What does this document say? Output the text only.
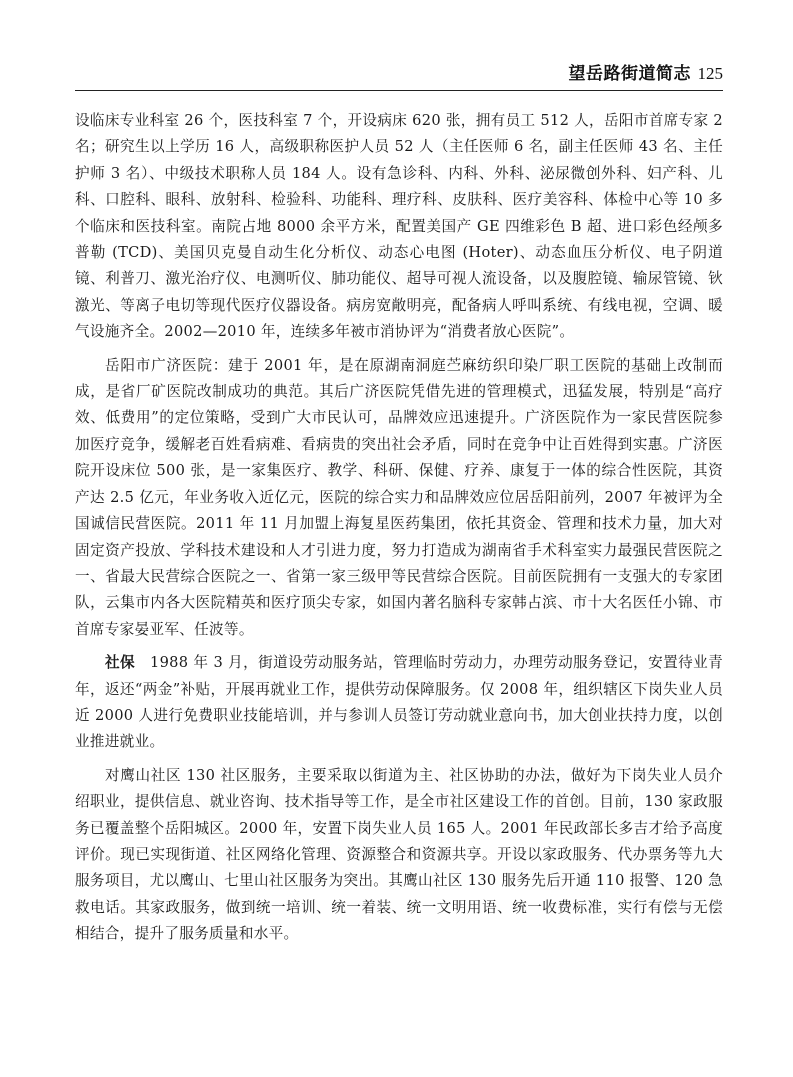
望岳路街道简志 125

设临床专业科室 26 个，医技科室 7 个，开设病床 620 张，拥有员工 512 人，岳阳市首席专家 2 名；研究生以上学历 16 人，高级职称医护人员 52 人（主任医师 6 名，副主任医师 43 名、主任护师 3 名）、中级技术职称人员 184 人。设有急诊科、内科、外科、泌尿微创外科、妇产科、儿科、口腔科、眼科、放射科、检验科、功能科、理疗科、皮肤科、医疗美容科、体检中心等 10 多个临床和医技科室。南院占地 8000 余平方米，配置美国产 GE 四维彩色 B 超、进口彩色经颅多普勒 (TCD)、美国贝克曼自动生化分析仪、动态心电图 (Hoter)、动态血压分析仪、电子阴道镜、利普刀、激光治疗仪、电测听仪、肺功能仪、超导可视人流设备，以及腹腔镜、输尿管镜、钬激光、等离子电切等现代医疗仪器设备。病房宽敞明亮，配备病人呼叫系统、有线电视，空调、暖气设施齐全。2002—2010 年，连续多年被市消协评为“消费者放心医院”。

岳阳市广济医院：建于 2001 年，是在原湖南洞庭苎麻纺织印染厂职工医院的基础上改制而成，是省厂矿医院改制成功的典范。其后广济医院凭借先进的管理模式，迅猛发展，特别是“高疗效、低费用”的定位策略，受到广大市民认可，品牌效应迅速提升。广济医院作为一家民营医院参加医疗竞争，缓解老百姓看病难、看病贵的突出社会矛盾，同时在竞争中让百姓得到实惠。广济医院开设床位 500 张，是一家集医疗、教学、科研、保健、疗养、康复于一体的综合性医院，其资产达 2.5 亿元，年业务收入近亿元，医院的综合实力和品牌效应位居岳阳前列，2007 年被评为全国诚信民营医院。2011 年 11 月加盟上海复星医药集团，依托其资金、管理和技术力量，加大对固定资产投放、学科技术建设和人才引进力度，努力打造成为湖南省手术科室实力最强民营医院之一、省最大民营综合医院之一、省第一家三级甲等民营综合医院。目前医院拥有一支强大的专家团队，云集市内各大医院精英和医疗顶尖专家，如国内著名脑科专家韩占滨、市十大名医任小锦、市首席专家晏亚军、任波等。

社保　1988 年 3 月，街道设劳动服务站，管理临时劳动力，办理劳动服务登记，安置待业青年，返还“两金”补贴，开展再就业工作，提供劳动保障服务。仅 2008 年，组织辖区下岗失业人员近 2000 人进行免费职业技能培训，并与参训人员签订劳动就业意向书，加大创业扶持力度，以创业推进就业。

对鹰山社区 130 社区服务，主要采取以街道为主、社区协助的办法，做好为下岗失业人员介绍职业，提供信息、就业咨询、技术指导等工作，是全市社区建设工作的首创。目前，130 家政服务已覆盖整个岳阳城区。2000 年，安置下岗失业人员 165 人。2001 年民政部长多吉才给予高度评价。现已实现街道、社区网络化管理、资源整合和资源共享。开设以家政服务、代办票务等九大服务项目，尤以鹰山、七里山社区服务为突出。其鹰山社区 130 服务先后开通 110 报警、120 急救电话。其家政服务，做到统一培训、统一着装、统一文明用语、统一收费标准，实行有偿与无偿相结合，提升了服务质量和水平。
